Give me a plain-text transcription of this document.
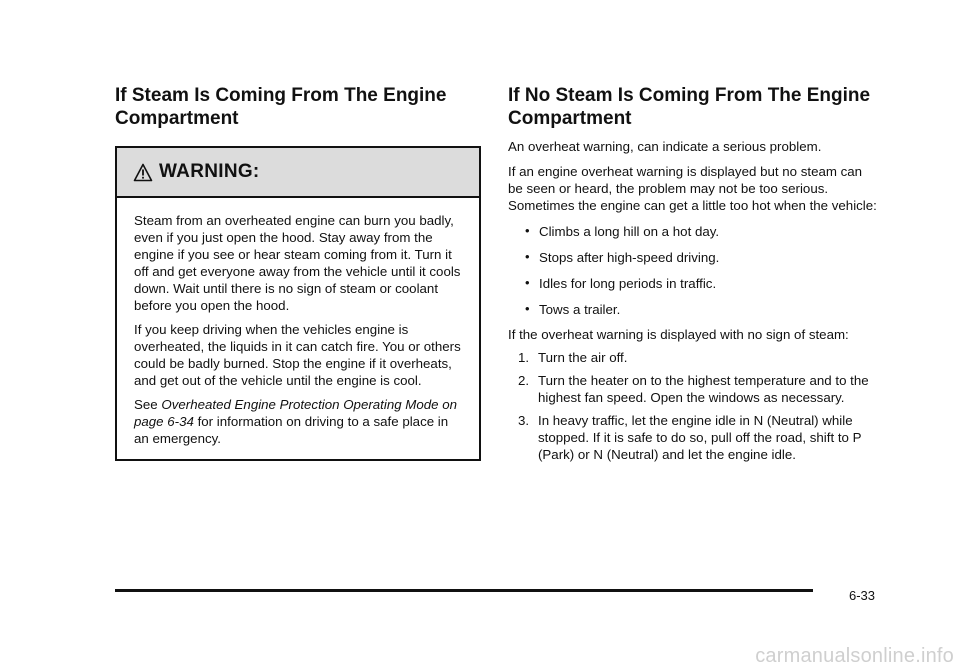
If Steam Is Coming From The Engine Compartment
WARNING:

Steam from an overheated engine can burn you badly, even if you just open the hood. Stay away from the engine if you see or hear steam coming from it. Turn it off and get everyone away from the vehicle until it cools down. Wait until there is no sign of steam or coolant before you open the hood.

If you keep driving when the vehicles engine is overheated, the liquids in it can catch fire. You or others could be badly burned. Stop the engine if it overheats, and get out of the vehicle until the engine is cool.

See Overheated Engine Protection Operating Mode on page 6-34 for information on driving to a safe place in an emergency.

If No Steam Is Coming From The Engine Compartment

An overheat warning, can indicate a serious problem.

If an engine overheat warning is displayed but no steam can be seen or heard, the problem may not be too serious. Sometimes the engine can get a little too hot when the vehicle:

• Climbs a long hill on a hot day.
• Stops after high-speed driving.
• Idles for long periods in traffic.
• Tows a trailer.

If the overheat warning is displayed with no sign of steam:

1. Turn the air off.
2. Turn the heater on to the highest temperature and to the highest fan speed. Open the windows as necessary.
3. In heavy traffic, let the engine idle in N (Neutral) while stopped. If it is safe to do so, pull off the road, shift to P (Park) or N (Neutral) and let the engine idle.
6-33
carmanualsonline.info
